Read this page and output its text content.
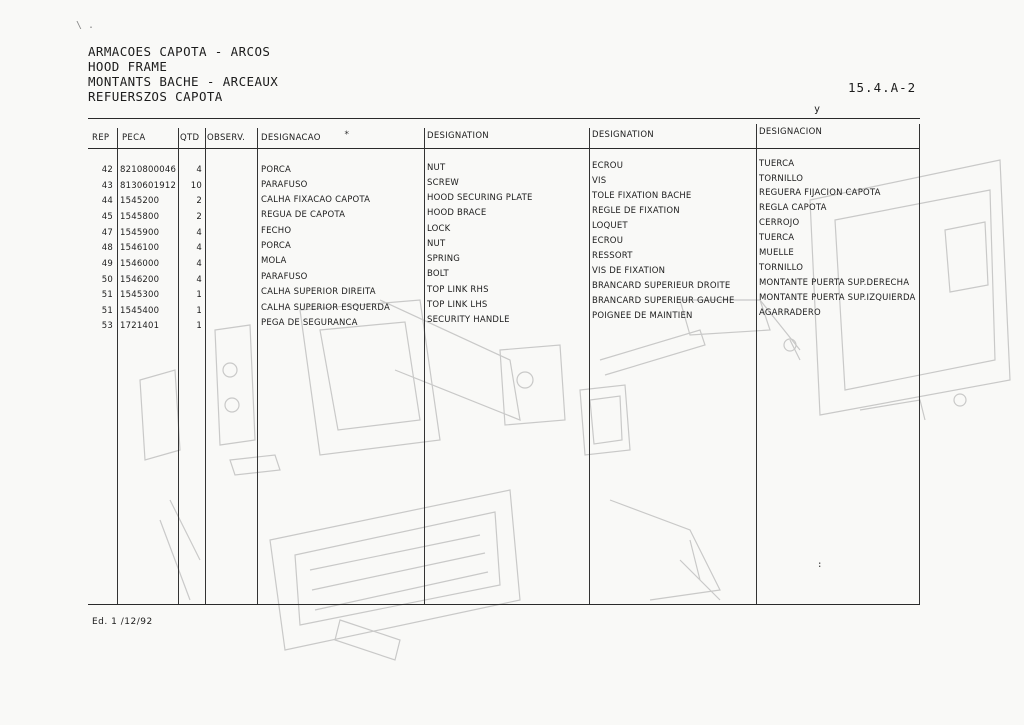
\ .
ARMACOES CAPOTA - ARCOS
HOOD FRAME
MONTANTS BACHE - ARCEAUX
REFUERSZOS CAPOTA
15.4.A-2
y
REP PECA	QTD OBSERV. DESIGNACAO	*	DESIGNATION	DESIGNATION	DESIGNACION
42 8210800046	4	PORCA	NUT	ECROU	TUERCA
43 8130601912	10	PARAFUSO	SCREW	VIS	TORNILLO
44 1545200	2	CALHA FIXACAO CAPOTA	HOOD SECURING PLATE	TOLE FIXATION BACHE	REGUERA FIJACION CAPOTA
45 1545800	2	REGUA DE CAPOTA	HOOD BRACE	REGLE DE FIXATION	REGLA CAPOTA
47 1545900	4	FECHO	LOCK	LOQUET	CERROJO
48 1546100	4	PORCA	NUT	ECROU	TUERCA
49 1546000	4	MOLA	SPRING	RESSORT	MUELLE
50 1546200	4	PARAFUSO	BOLT	VIS DE FIXATION	TORNILLO
51 1545300	1	CALHA SUPERIOR DIREITA	TOP LINK RHS	BRANCARD SUPERIEUR DROITE	MONTANTE PUERTA SUP.DERECHA
51 1545400	1	CALHA SUPERIOR ESQUERDA	TOP LINK LHS	BRANCARD SUPERIEUR GAUCHE	MONTANTE PUERTA SUP.IZQUIERDA
53 1721401	1	PEGA DE SEGURANCA	SECURITY HANDLE	POIGNEE DE MAINTIEN	AGARRADERO
:
Ed. 1 /12/92
